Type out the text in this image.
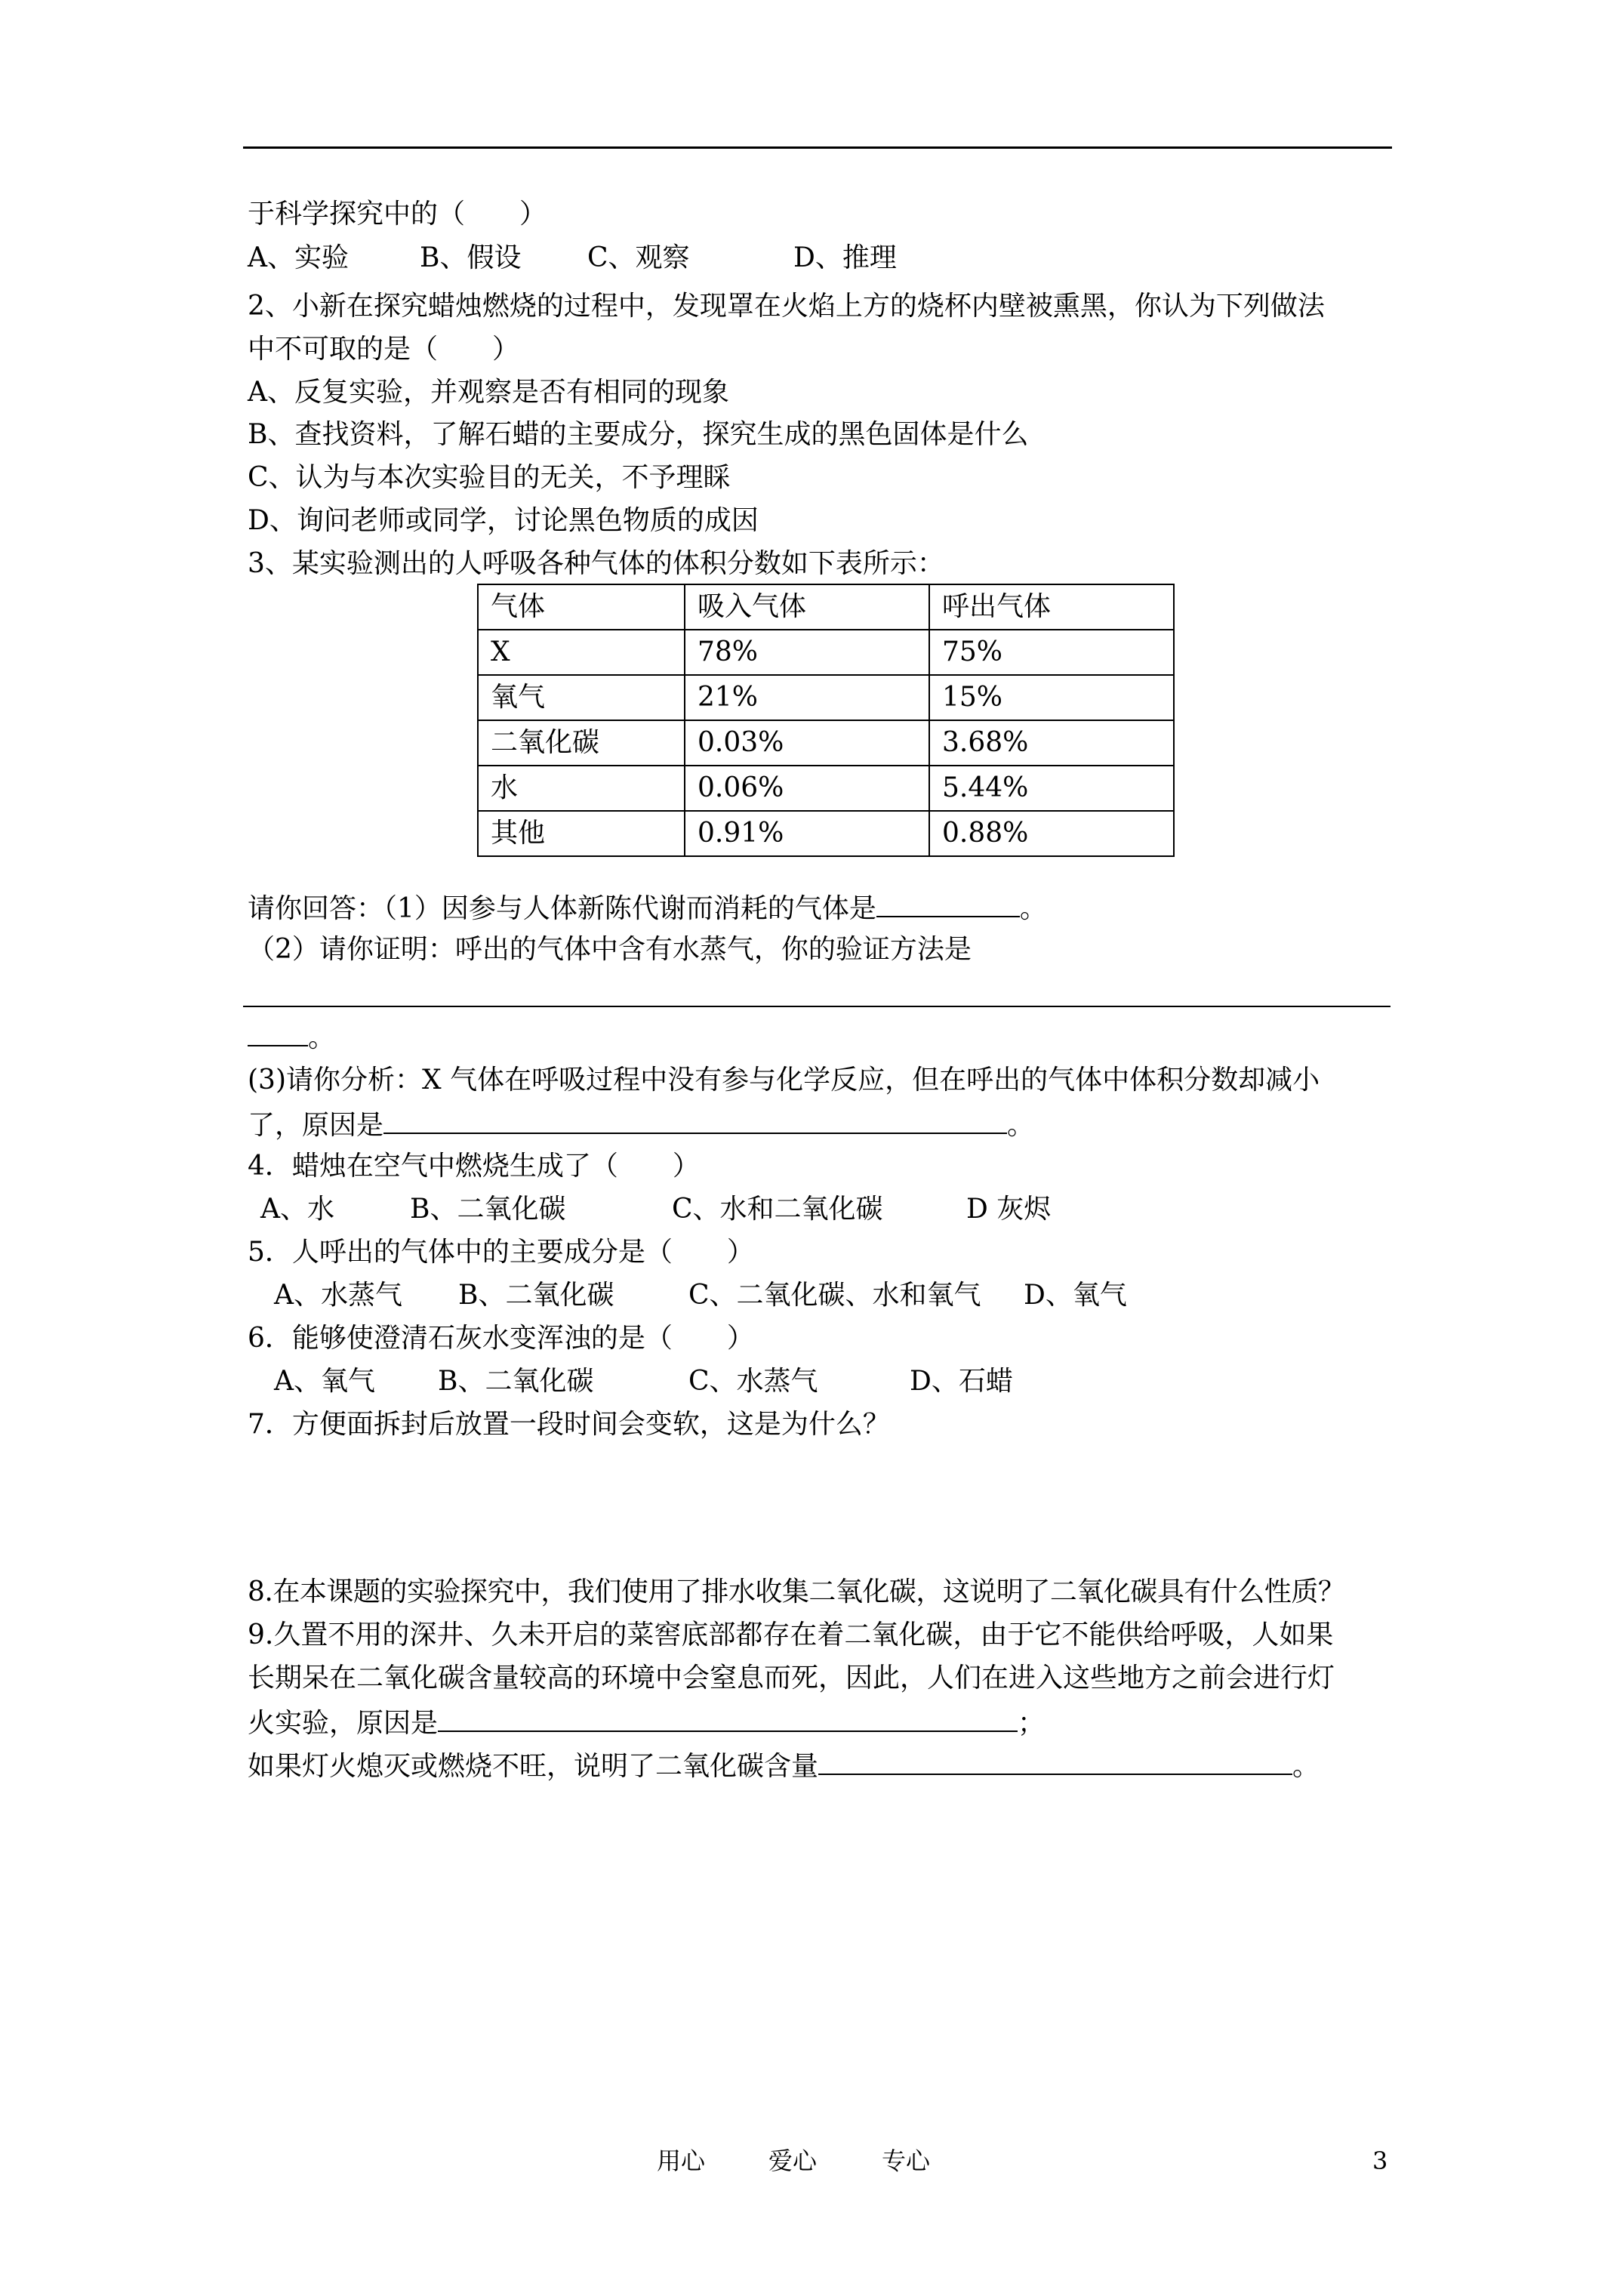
于科学探究中的（　　）
A、实验	B、假设 C、观察	D、推理
2、小新在探究蜡烛燃烧的过程中，发现罩在火焰上方的烧杯内壁被熏黑，你认为下列做法
中不可取的是（　　）
A、反复实验，并观察是否有相同的现象
B、查找资料，了解石蜡的主要成分，探究生成的黑色固体是什么
C、认为与本次实验目的无关，不予理睬
D、询问老师或同学，讨论黑色物质的成因
3、某实验测出的人呼吸各种气体的体积分数如下表所示：
气体	吸入气体	呼出气体
X	78%	75%
氧气	21%	15%
二氧化碳	0.03%	3.68%
水	0.06%	5.44%
其他	0.91%	0.88%
请你回答：（1）因参与人体新陈代谢而消耗的气体是	。
（2）请你证明：呼出的气体中含有水蒸气，你的验证方法是
。
(3)请你分析：X 气体在呼吸过程中没有参与化学反应，但在呼出的气体中体积分数却减小
了，原因是	。
4．蜡烛在空气中燃烧生成了（　　）
A、水	B、二氧化碳	C、水和二氧化碳	D 灰烬
5．人呼出的气体中的主要成分是（　　）
A、水蒸气 B、二氧化碳	C、二氧化碳、水和氧气 D、氧气
6．能够使澄清石灰水变浑浊的是（　　）
A、氧气 B、二氧化碳	C、水蒸气	D、石蜡
7．方便面拆封后放置一段时间会变软，这是为什么？
8.在本课题的实验探究中，我们使用了排水收集二氧化碳，这说明了二氧化碳具有什么性质？
9.久置不用的深井、久未开启的菜窖底部都存在着二氧化碳，由于它不能供给呼吸，人如果
长期呆在二氧化碳含量较高的环境中会窒息而死，因此，人们在进入这些地方之前会进行灯
火实验，原因是	；
如果灯火熄灭或燃烧不旺，说明了二氧化碳含量	。
用心	爱心	专心	3
